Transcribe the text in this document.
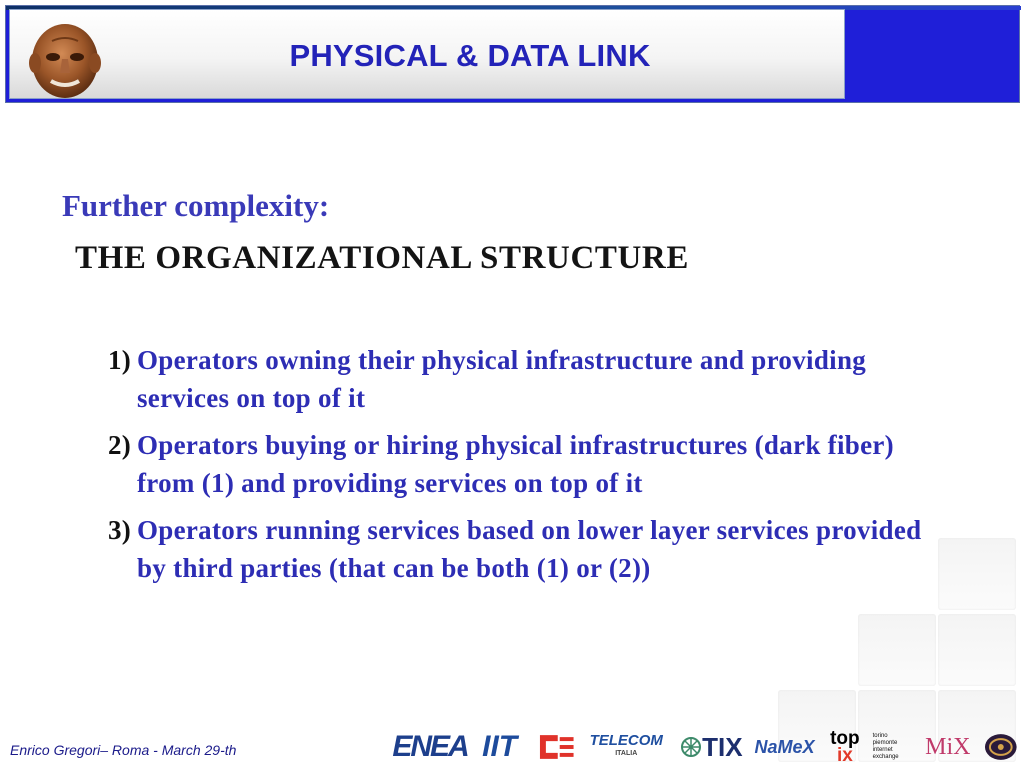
PHYSICAL & DATA LINK
Further complexity:
THE ORGANIZATIONAL STRUCTURE
1) Operators owning their physical infrastructure and providing services on top of it
2) Operators buying or hiring physical infrastructures (dark fiber) from (1) and providing services on top of it
3) Operators running services based on lower layer services provided by third parties (that can be both (1) or (2))
Enrico Gregori– Roma - March 29-th	ENEA IIT	TELECOM
ITALIA TIX NaMeX top
ix
torino
piemonte
internet
exchange MiX
